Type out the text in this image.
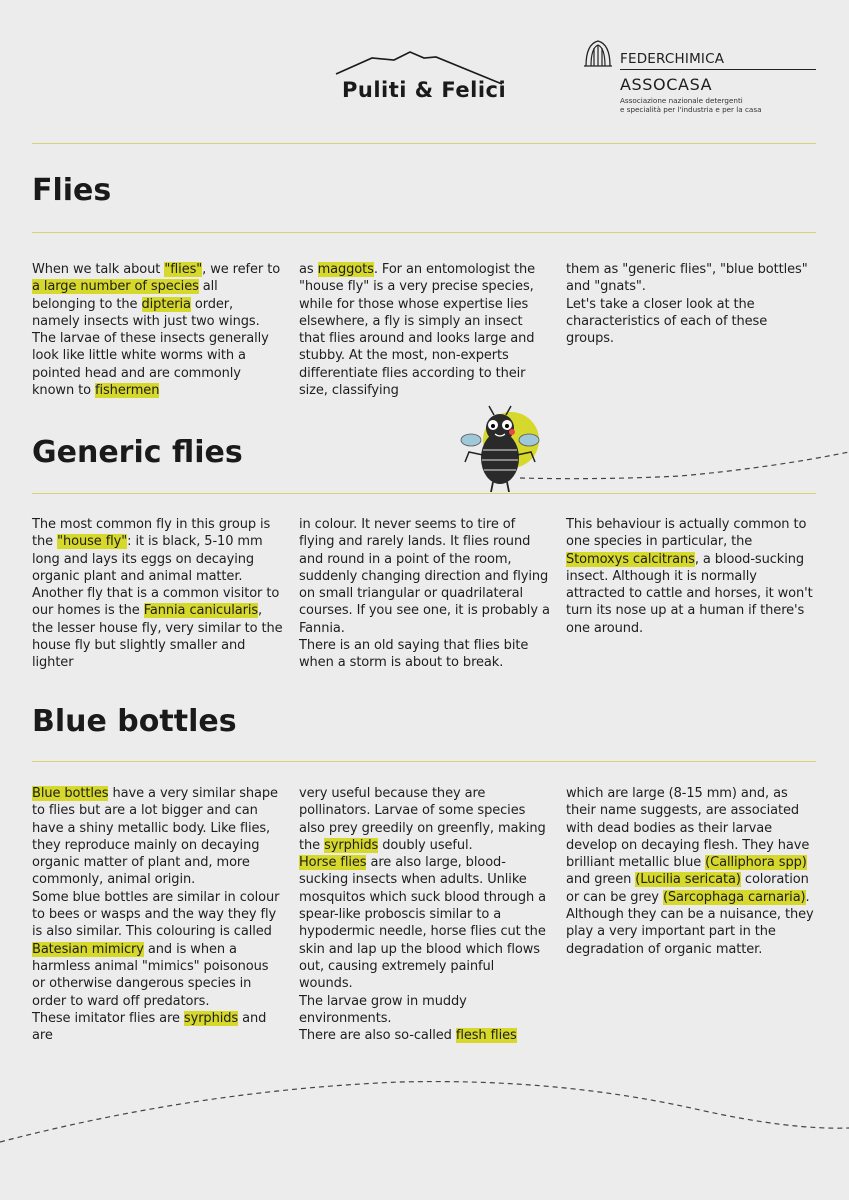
Puliti & Felici
FEDERCHIMICA
ASSOCASA
Associazione nazionale detergenti
e specialità per l'industria e per la casa
Flies
When we talk about "flies", we refer to a large number of species all belonging to the dipteria order, namely insects with just two wings. The larvae of these insects generally look like little white worms with a pointed head and are commonly known to fishermen
as maggots. For an entomologist the "house fly" is a very precise species, while for those whose expertise lies elsewhere, a fly is simply an insect that flies around and looks large and stubby. At the most, non-experts differentiate flies according to their size, classifying
them as "generic flies", "blue bottles" and "gnats".
Let's take a closer look at the characteristics of each of these groups.
Generic flies
The most common fly in this group is the "house fly": it is black, 5-10 mm long and lays its eggs on decaying organic plant and animal matter.
Another fly that is a common visitor to our homes is the Fannia canicularis, the lesser house fly, very similar to the house fly but slightly smaller and lighter
in colour. It never seems to tire of flying and rarely lands. It flies round and round in a point of the room, suddenly changing direction and flying on small triangular or quadrilateral courses. If you see one, it is probably a Fannia.
There is an old saying that flies bite when a storm is about to break.
This behaviour is actually common to one species in particular, the Stomoxys calcitrans, a blood-sucking insect. Although it is normally attracted to cattle and horses, it won't turn its nose up at a human if there's one around.
Blue bottles
Blue bottles have a very similar shape to flies but are a lot bigger and can have a shiny metallic body. Like flies, they reproduce mainly on decaying organic matter of plant and, more commonly, animal origin.
Some blue bottles are similar in colour to bees or wasps and the way they fly is also similar. This colouring is called Batesian mimicry and is when a harmless animal "mimics" poisonous or otherwise dangerous species in order to ward off predators.
These imitator flies are syrphids and are
very useful because they are pollinators. Larvae of some species also prey greedily on greenfly, making the syrphids doubly useful.
Horse flies are also large, blood-sucking insects when adults. Unlike mosquitos which suck blood through a spear-like proboscis similar to a hypodermic needle, horse flies cut the skin and lap up the blood which flows out, causing extremely painful wounds.
The larvae grow in muddy environments.
There are also so-called flesh flies
which are large (8-15 mm) and, as their name suggests, are associated with dead bodies as their larvae develop on decaying flesh. They have brilliant metallic blue (Calliphora spp) and green (Lucilia sericata) coloration or can be grey (Sarcophaga carnaria).
Although they can be a nuisance, they play a very important part in the degradation of organic matter.
